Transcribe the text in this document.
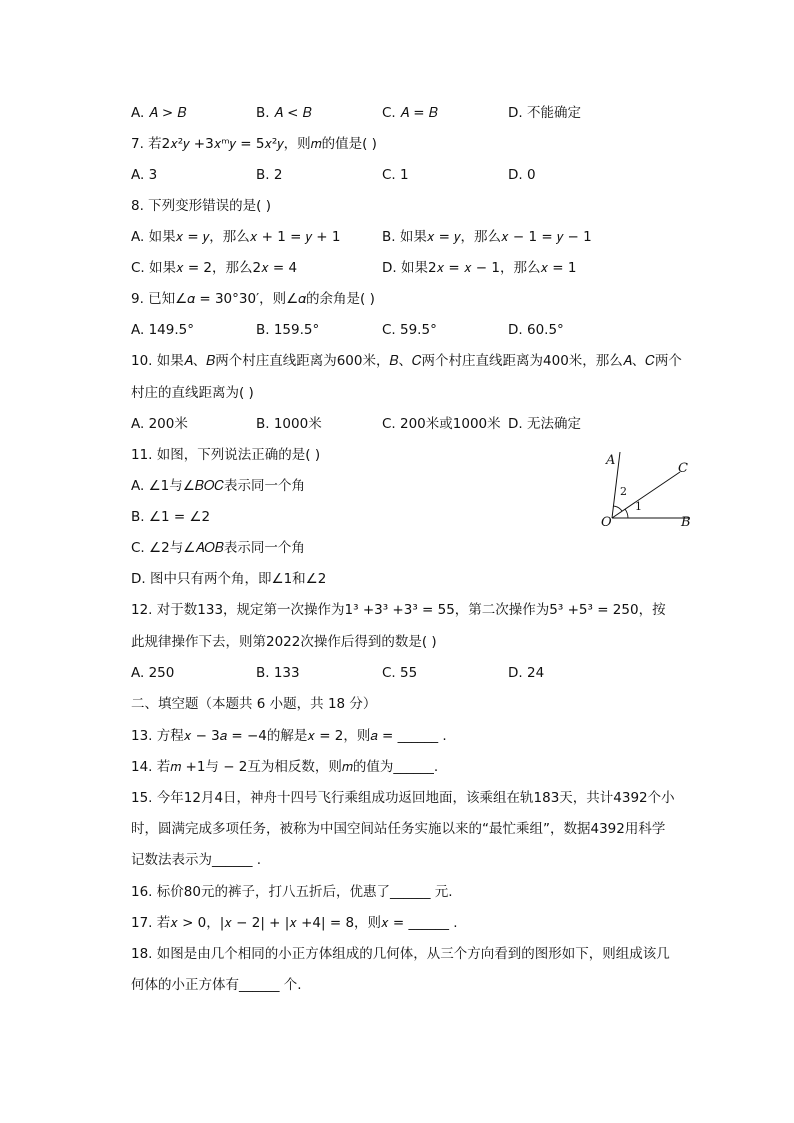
A. 𝐴 > 𝐵	B. 𝐴 < 𝐵	C. 𝐴 = 𝐵	D. 不能确定
7. 若2𝑥²𝑦 +3𝑥ᵐ𝑦 = 5𝑥²𝑦，则𝑚的值是( )
A. 3	B. 2	C. 1	D. 0
8. 下列变形错误的是( )
A. 如果𝑥 = 𝑦，那么𝑥 + 1 = 𝑦 + 1	B. 如果𝑥 = 𝑦，那么𝑥 − 1 = 𝑦 − 1
C. 如果𝑥 = 2，那么2𝑥 = 4	D. 如果2𝑥 = 𝑥 − 1，那么𝑥 = 1
9. 已知∠𝛼 = 30°30′，则∠𝛼的余角是( )
A. 149.5°	B. 159.5°	C. 59.5°	D. 60.5°
10. 如果𝐴、𝐵两个村庄直线距离为600米，𝐵、𝐶两个村庄直线距离为400米，那么𝐴、𝐶两个
村庄的直线距离为( )
A. 200米	B. 1000米	C. 200米或1000米 D. 无法确定
11. 如图，下列说法正确的是( )
A. ∠1与∠𝐵𝑂𝐶表示同一个角
B. ∠1 = ∠2
C. ∠2与∠𝐴𝑂𝐵表示同一个角
D. 图中只有两个角，即∠1和∠2
A
C
O	B
1
2
12. 对于数133，规定第一次操作为1³ +3³ +3³ = 55，第二次操作为5³ +5³ = 250，按
此规律操作下去，则第2022次操作后得到的数是( )
A. 250	B. 133	C. 55	D. 24
二、填空题（本题共 6 小题，共 18 分）
13. 方程𝑥 − 3𝑎 = −4的解是𝑥 = 2，则𝑎 = ______ .
14. 若𝑚 +1与 − 2互为相反数，则𝑚的值为______.
15. 今年12月4日，神舟十四号飞行乘组成功返回地面，该乘组在轨183天，共计4392个小
时，圆满完成多项任务，被称为中国空间站任务实施以来的“最忙乘组”，数据4392用科学
记数法表示为______ .
16. 标价80元的裤子，打八五折后，优惠了______ 元.
17. 若𝑥 > 0，|𝑥 − 2| + |𝑥 +4| = 8，则𝑥 = ______ .
18. 如图是由几个相同的小正方体组成的几何体，从三个方向看到的图形如下，则组成该几
何体的小正方体有______ 个.
